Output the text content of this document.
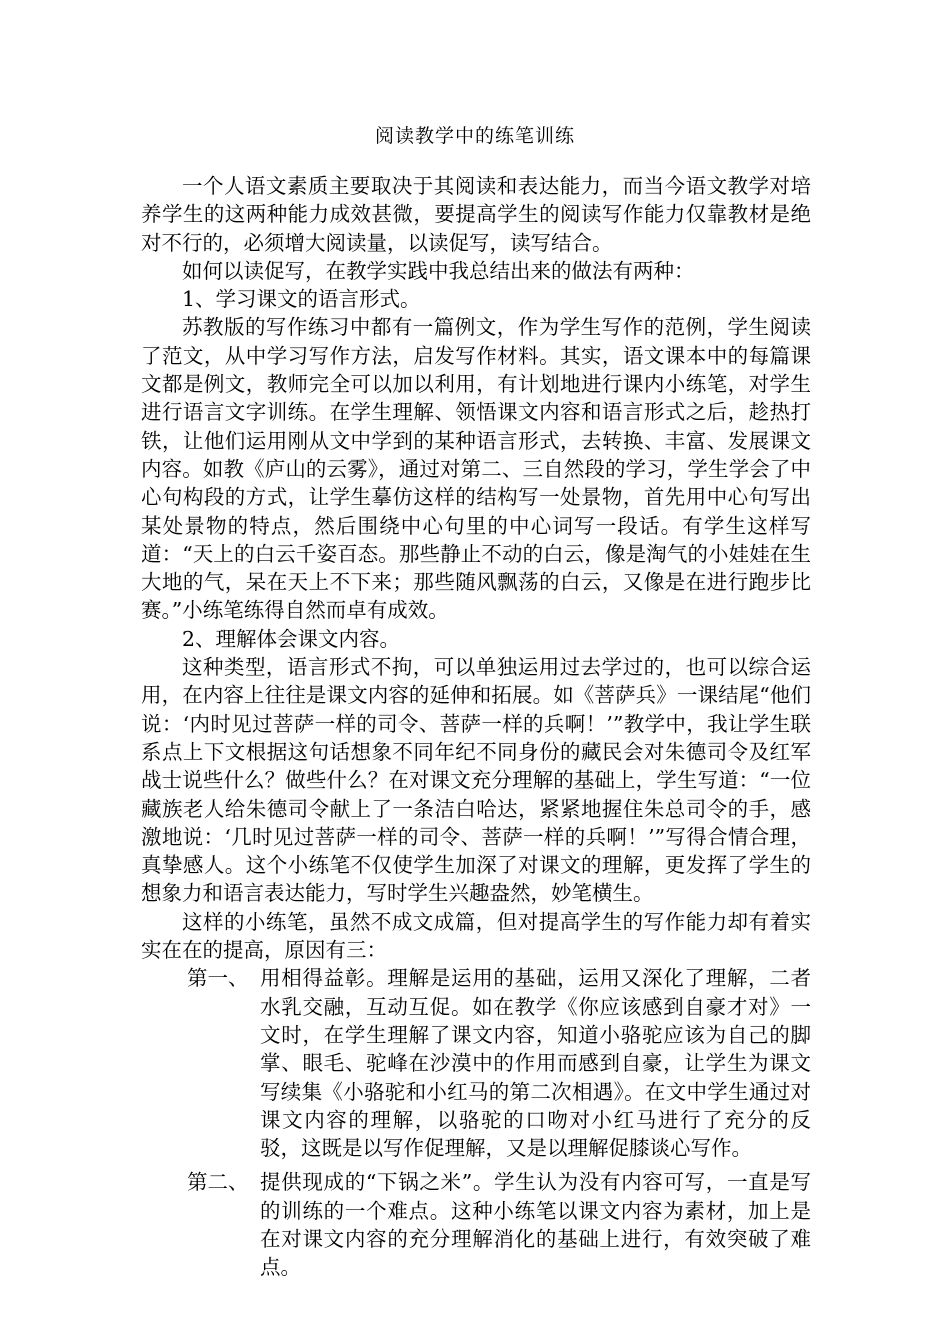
阅读教学中的练笔训练

一个人语文素质主要取决于其阅读和表达能力，而当今语文教学对培养学生的这两种能力成效甚微，要提高学生的阅读写作能力仅靠教材是绝对不行的，必须增大阅读量，以读促写，读写结合。

如何以读促写，在教学实践中我总结出来的做法有两种：

1、学习课文的语言形式。

苏教版的写作练习中都有一篇例文，作为学生写作的范例，学生阅读了范文，从中学习写作方法，启发写作材料。其实，语文课本中的每篇课文都是例文，教师完全可以加以利用，有计划地进行课内小练笔，对学生进行语言文字训练。在学生理解、领悟课文内容和语言形式之后，趁热打铁，让他们运用刚从文中学到的某种语言形式，去转换、丰富、发展课文内容。如教《庐山的云雾》，通过对第二、三自然段的学习，学生学会了中心句构段的方式，让学生摹仿这样的结构写一处景物，首先用中心句写出某处景物的特点，然后围绕中心句里的中心词写一段话。有学生这样写道：“天上的白云千姿百态。那些静止不动的白云，像是淘气的小娃娃在生大地的气，呆在天上不下来；那些随风飘荡的白云，又像是在进行跑步比赛。”小练笔练得自然而卓有成效。

2、理解体会课文内容。

这种类型，语言形式不拘，可以单独运用过去学过的，也可以综合运用，在内容上往往是课文内容的延伸和拓展。如《菩萨兵》一课结尾“他们说：‘内时见过菩萨一样的司令、菩萨一样的兵啊！’”教学中，我让学生联系点上下文根据这句话想象不同年纪不同身份的藏民会对朱德司令及红军战士说些什么？做些什么？在对课文充分理解的基础上，学生写道：“一位藏族老人给朱德司令献上了一条洁白哈达，紧紧地握住朱总司令的手，感激地说：‘几时见过菩萨一样的司令、菩萨一样的兵啊！’”写得合情合理，真挚感人。这个小练笔不仅使学生加深了对课文的理解，更发挥了学生的想象力和语言表达能力，写时学生兴趣盎然，妙笔横生。

这样的小练笔，虽然不成文成篇，但对提高学生的写作能力却有着实实在在的提高，原因有三：

第一、 用相得益彰。理解是运用的基础，运用又深化了理解，二者水乳交融，互动互促。如在教学《你应该感到自豪才对》一文时，在学生理解了课文内容，知道小骆驼应该为自己的脚掌、眼毛、驼峰在沙漠中的作用而感到自豪，让学生为课文写续集《小骆驼和小红马的第二次相遇》。在文中学生通过对课文内容的理解，以骆驼的口吻对小红马进行了充分的反驳，这既是以写作促理解，又是以理解促膝谈心写作。
第二、 提供现成的“下锅之米”。学生认为没有内容可写，一直是写的训练的一个难点。这种小练笔以课文内容为素材，加上是在对课文内容的充分理解消化的基础上进行，有效突破了难点。
